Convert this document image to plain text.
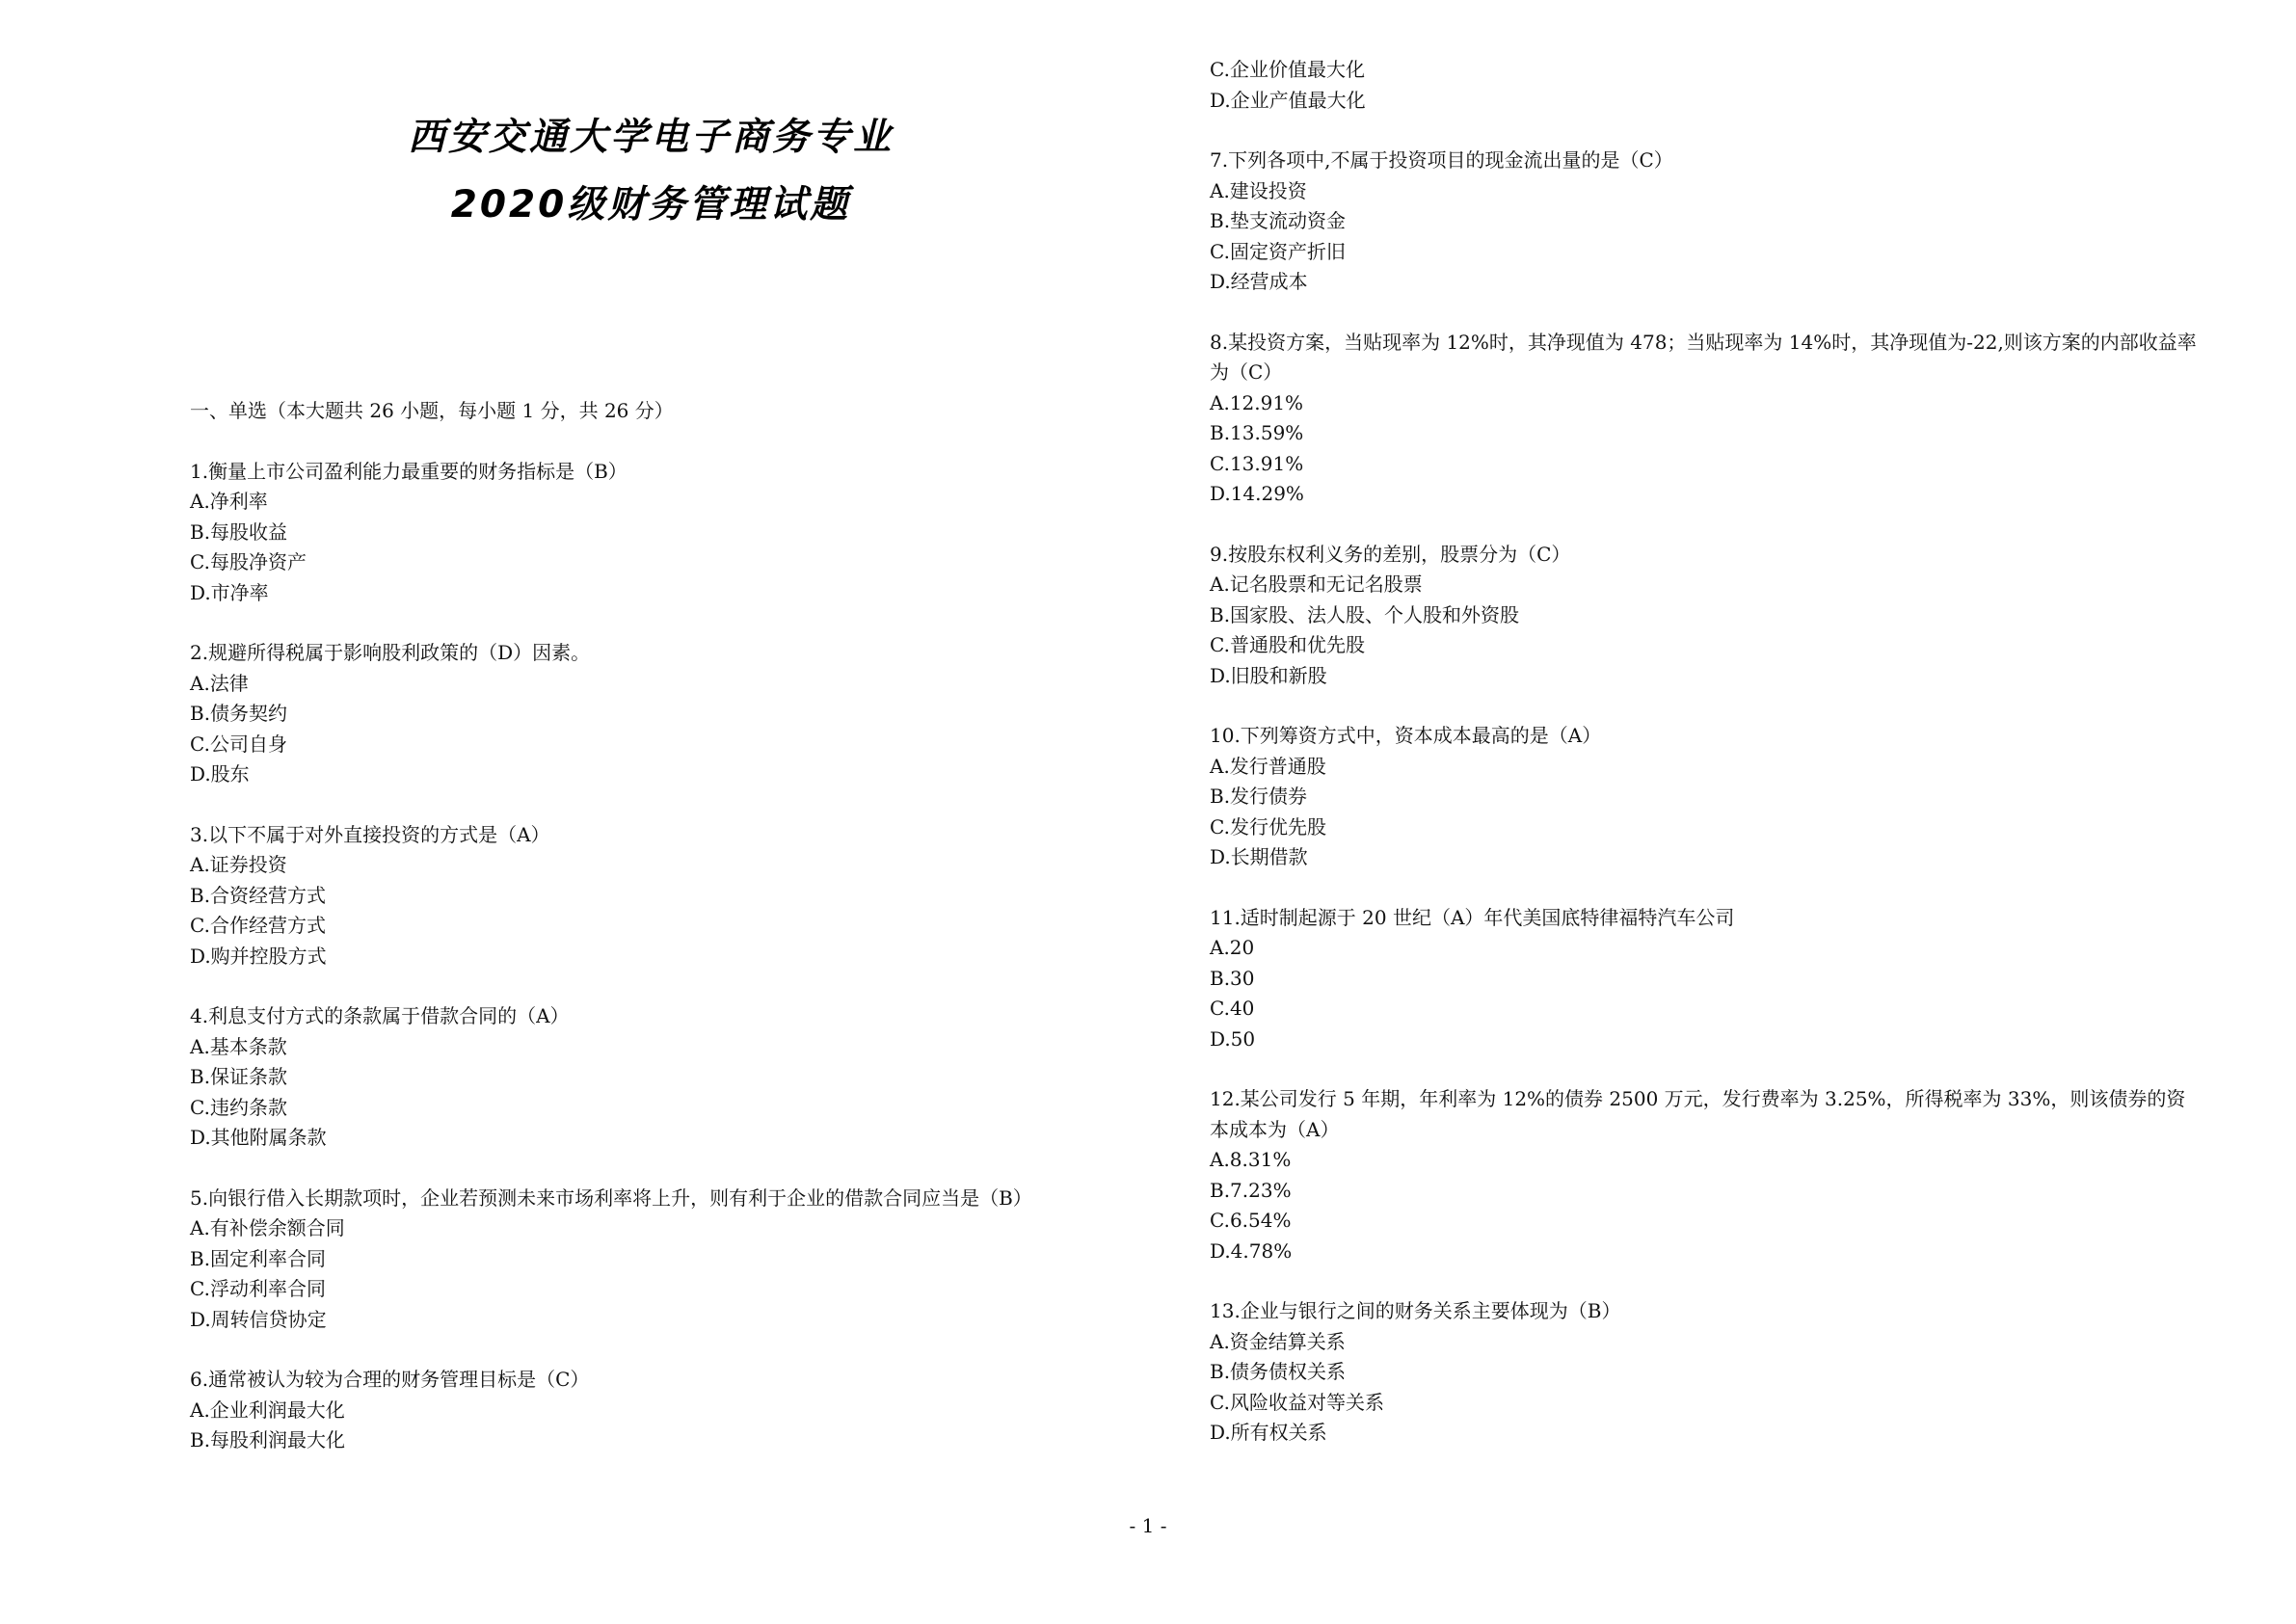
西安交通大学电子商务专业
2020级财务管理试题
一、单选（本大题共 26 小题，每小题 1 分，共 26 分）
1.衡量上市公司盈利能力最重要的财务指标是（B）
A.净利率
B.每股收益
C.每股净资产
D.市净率
2.规避所得税属于影响股利政策的（D）因素。
A.法律
B.债务契约
C.公司自身
D.股东
3.以下不属于对外直接投资的方式是（A）
A.证券投资
B.合资经营方式
C.合作经营方式
D.购并控股方式
4.利息支付方式的条款属于借款合同的（A）
A.基本条款
B.保证条款
C.违约条款
D.其他附属条款
5.向银行借入长期款项时，企业若预测未来市场利率将上升，则有利于企业的借款合同应当是（B）
A.有补偿余额合同
B.固定利率合同
C.浮动利率合同
D.周转信贷协定
6.通常被认为较为合理的财务管理目标是（C）
A.企业利润最大化
B.每股利润最大化
C.企业价值最大化
D.企业产值最大化
7.下列各项中,不属于投资项目的现金流出量的是（C）
A.建设投资
B.垫支流动资金
C.固定资产折旧
D.经营成本
8.某投资方案，当贴现率为 12%时，其净现值为 478；当贴现率为 14%时，其净现值为-22,则该方案的内部收益率为（C）
A.12.91%
B.13.59%
C.13.91%
D.14.29%
9.按股东权利义务的差别，股票分为（C）
A.记名股票和无记名股票
B.国家股、法人股、个人股和外资股
C.普通股和优先股
D.旧股和新股
10.下列筹资方式中，资本成本最高的是（A）
A.发行普通股
B.发行债券
C.发行优先股
D.长期借款
11.适时制起源于 20 世纪（A）年代美国底特律福特汽车公司
A.20
B.30
C.40
D.50
12.某公司发行 5 年期，年利率为 12%的债券 2500 万元，发行费率为 3.25%，所得税率为 33%，则该债券的资本成本为（A）
A.8.31%
B.7.23%
C.6.54%
D.4.78%
13.企业与银行之间的财务关系主要体现为（B）
A.资金结算关系
B.债务债权关系
C.风险收益对等关系
D.所有权关系
- 1 -
